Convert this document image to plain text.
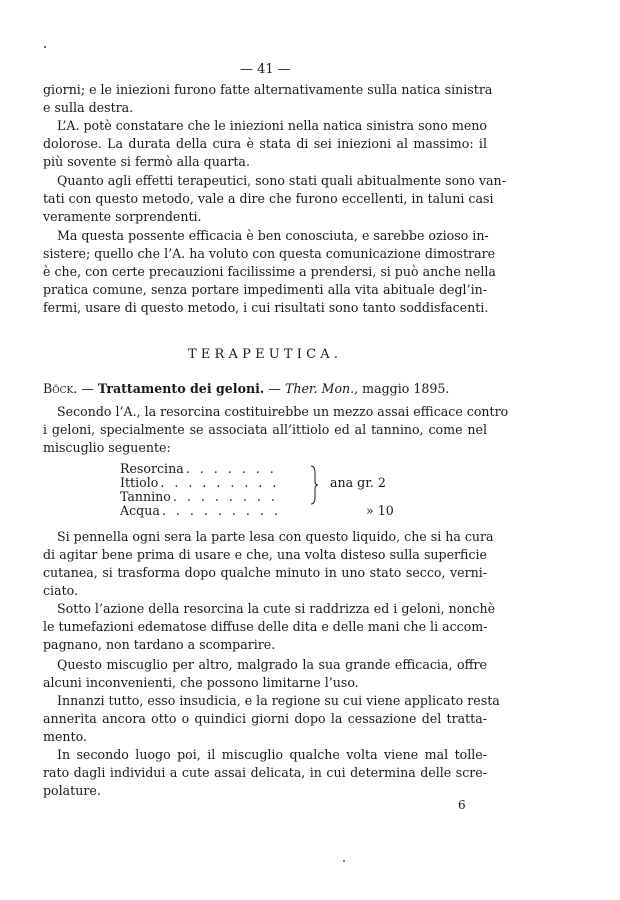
— 41 —

giorni; e le iniezioni furono fatte alternativamente sulla natica sinistra

e sulla destra.

L’A. potè constatare che le iniezioni nella natica sinistra sono meno

dolorose. La durata della cura è stata di sei iniezioni al massimo: il

più sovente si fermò alla quarta.

Quanto agli effetti terapeutici, sono stati quali abitualmente sono van-

tati con questo metodo, vale a dire che furono eccellenti, in taluni casi

veramente sorprendenti.

Ma questa possente efficacia è ben conosciuta, e sarebbe ozioso in-

sistere; quello che l’A. ha voluto con questa comunicazione dimostrare

è che, con certe precauzioni facilissime a prendersi, si può anche nella

pratica comune, senza portare impedimenti alla vita abituale degl’in-

fermi, usare di questo metodo, i cui risultati sono tanto soddisfacenti.

TERAPEUTICA.

Böck. — Trattamento dei geloni. — Ther. Mon., maggio 1895.

Secondo l’A., la resorcina costituirebbe un mezzo assai efficace contro

i geloni, specialmente se associata all’ittiolo ed al tannino, come nel

miscuglio seguente:

Resorcina . . . . . . .
Ittiolo . . . . . . . . .
Tannino . . . . . . . .
Acqua . . . . . . . . .
ana gr. 2
» 10

Si pennella ogni sera la parte lesa con questo liquido, che si ha cura

di agitar bene prima di usare e che, una volta disteso sulla superficie

cutanea, si trasforma dopo qualche minuto in uno stato secco, verni-

ciato.

Sotto l’azione della resorcina la cute si raddrizza ed i geloni, nonchè

le tumefazioni edematose diffuse delle dita e delle mani che li accom-

pagnano, non tardano a scomparire.

Questo miscuglio per altro, malgrado la sua grande efficacia, offre

alcuni inconvenienti, che possono limitarne l’uso.

Innanzi tutto, esso insudicia, e la regione su cui viene applicato resta

annerita ancora otto o quindici giorni dopo la cessazione del tratta-

mento.

In secondo luogo poi, il miscuglio qualche volta viene mal tolle-

rato dagli individui a cute assai delicata, in cui determina delle scre-

polature.

6
